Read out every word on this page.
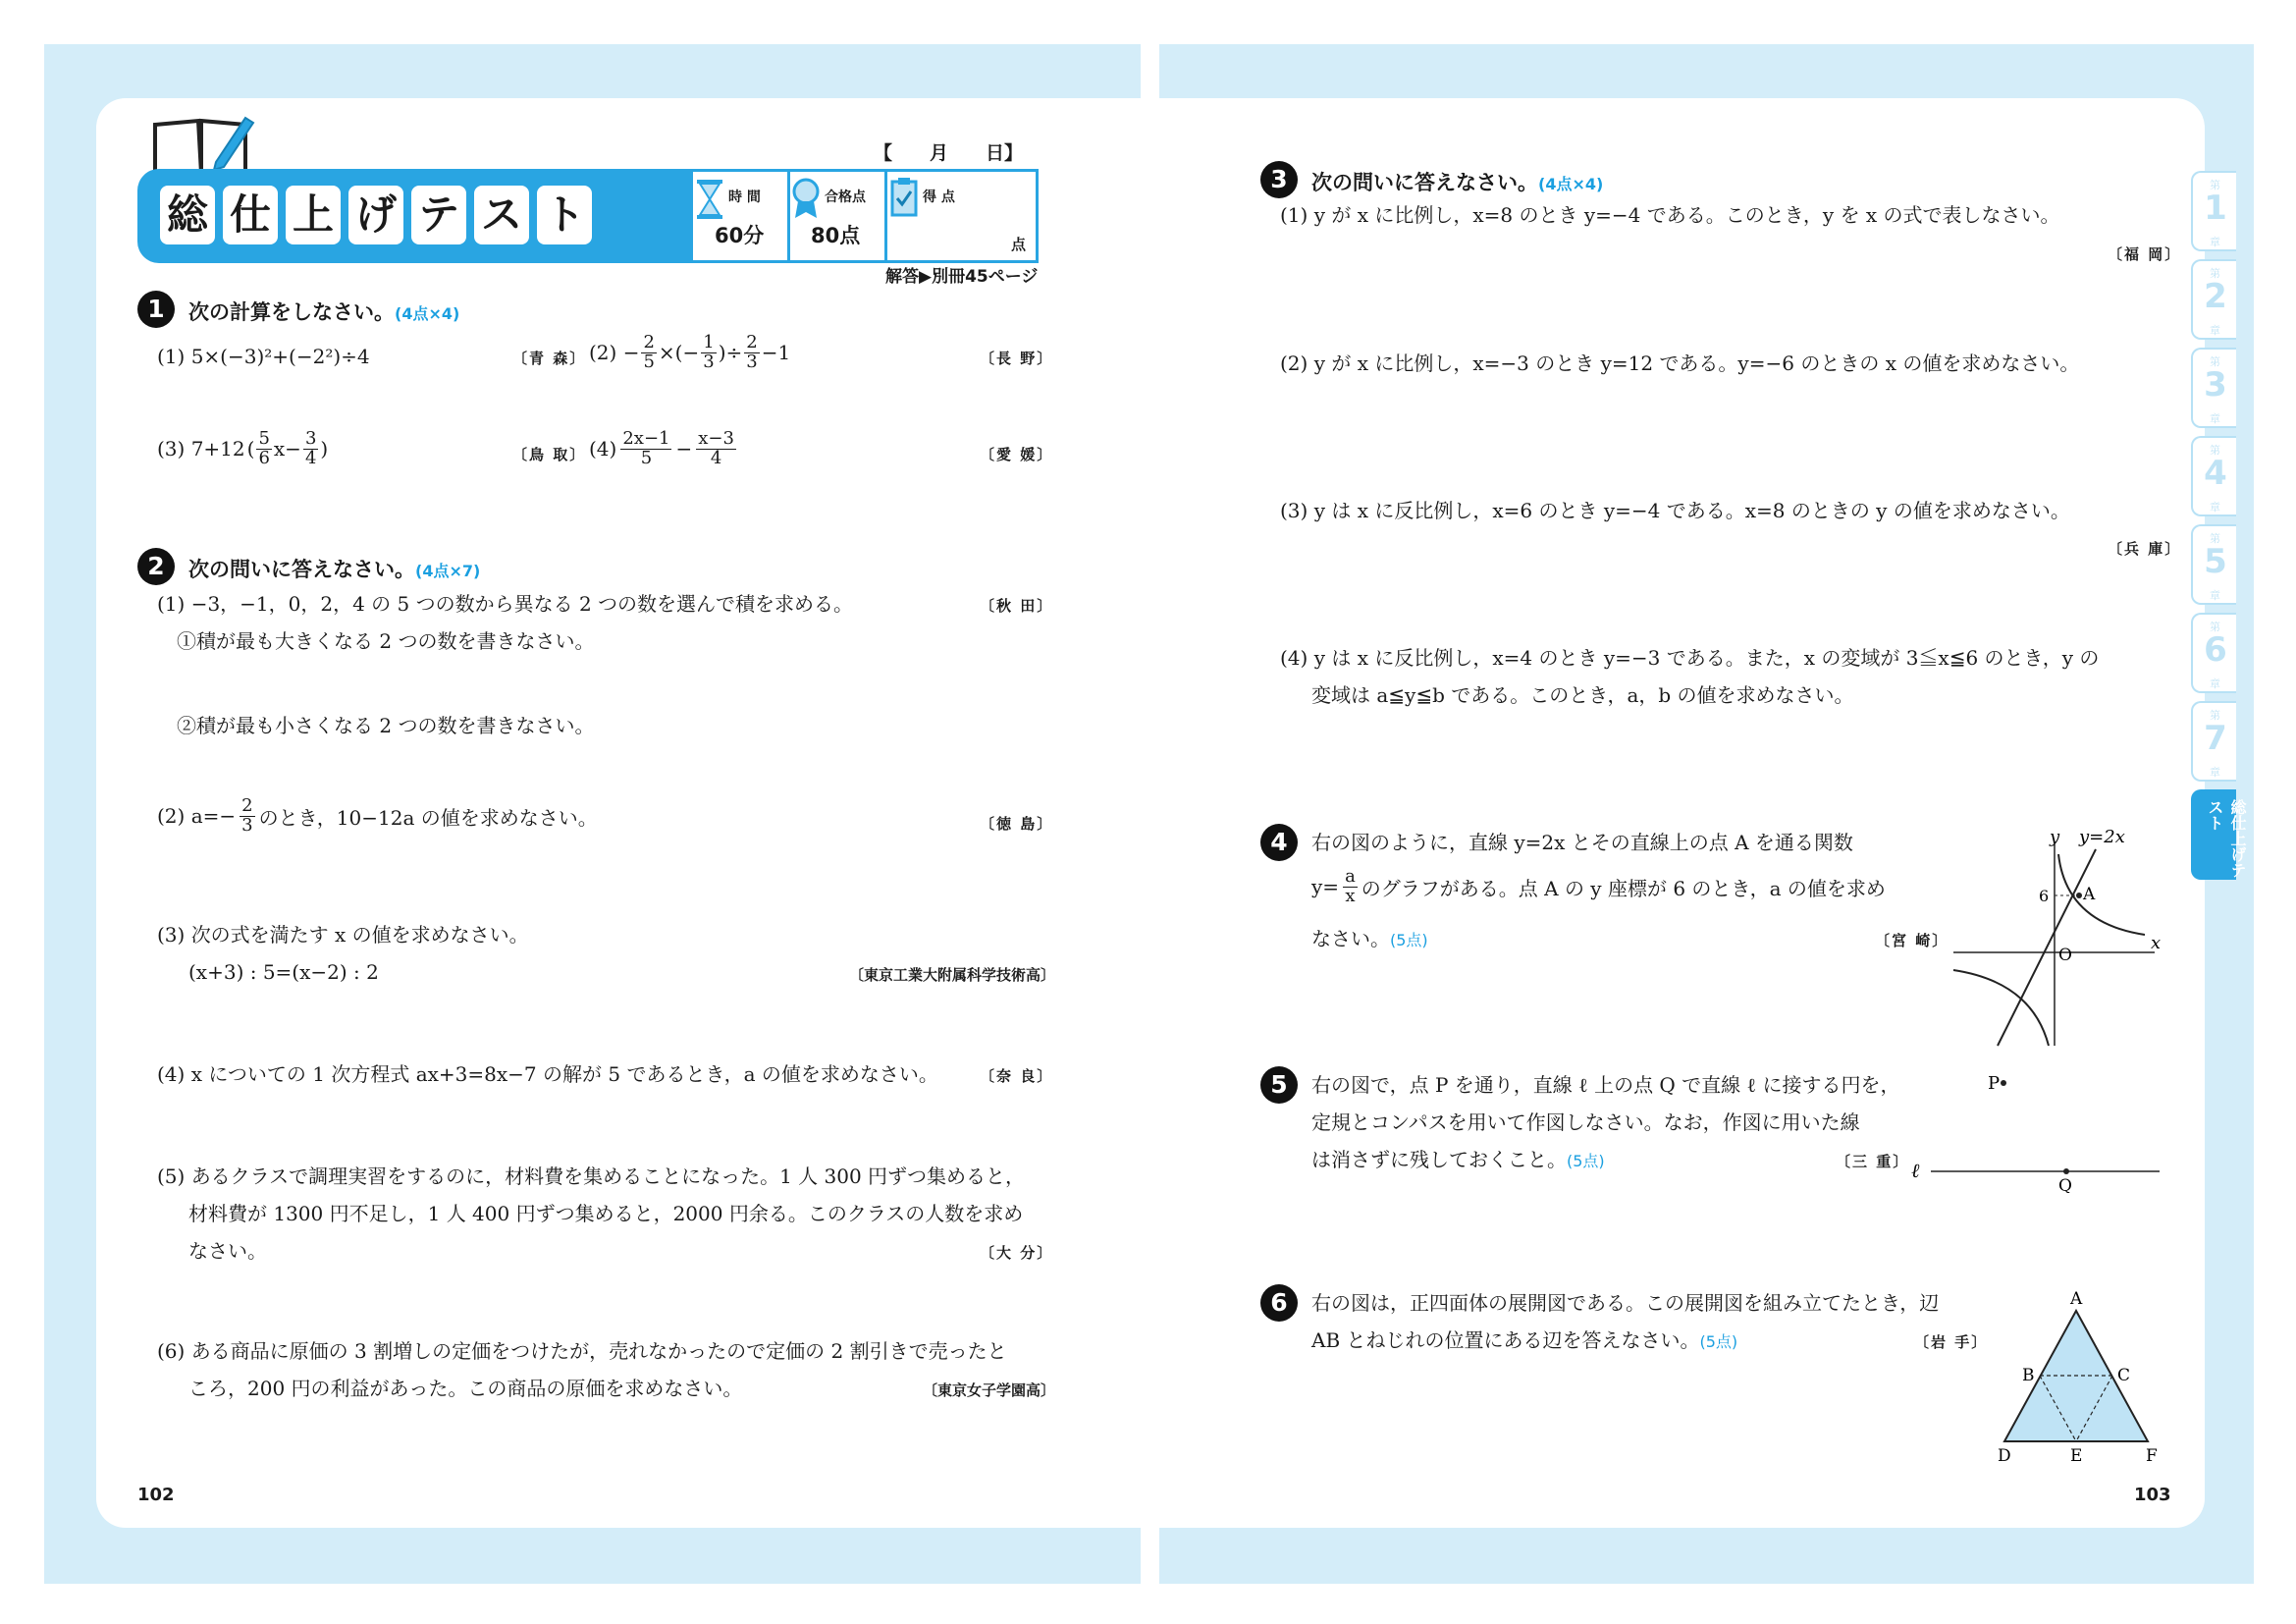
総 仕 上 げ テ ス ト
【　　月　　日】
時 間
60分
合格点
80点
得 点
点
解答▶別冊45ページ
1	次の計算をしなさい。(4点×4)
(1) 5×(−3)²+(−2²)÷4	〔青 森〕 $(2) - \frac{2}{5}$ ×(− $\frac{1}{3}$ )÷ $\frac{2}{3} -1$	〔長 野〕
(3) 7+12 ( $\frac{5}{6} x- \frac{3}{4}$ )	〔鳥 取〕 $(4) \frac{2x-1}{5} - \frac{x-3}{4}$	〔愛 媛〕
2	次の問いに答えなさい。(4点×7)
(1) −3，−1，0，2，4 の 5 つの数から異なる 2 つの数を選んで積を求める。	〔秋 田〕
①積が最も大きくなる 2 つの数を書きなさい。
②積が最も小さくなる 2 つの数を書きなさい。
(2) $a=- \frac{2}{3}$ のとき，10−12a の値を求めなさい。	〔徳 島〕
(3) 次の式を満たす x の値を求めなさい。
(x+3) : 5=(x−2) : 2	〔東京工業大附属科学技術高〕
(4) x についての 1 次方程式 ax+3=8x−7 の解が 5 であるとき，a の値を求めなさい。	〔奈 良〕
(5) あるクラスで調理実習をするのに，材料費を集めることになった。1 人 300 円ずつ集めると，
材料費が 1300 円不足し，1 人 400 円ずつ集めると，2000 円余る。このクラスの人数を求め
なさい。	〔大 分〕
(6) ある商品に原価の 3 割増しの定価をつけたが，売れなかったので定価の 2 割引きで売ったと
ころ，200 円の利益があった。この商品の原価を求めなさい。	〔東京女子学園高〕
102
3	次の問いに答えなさい。(4点×4)
(1) y が x に比例し，x=8 のとき y=−4 である。このとき，y を x の式で表しなさい。
〔福 岡〕
(2) y が x に比例し，x=−3 のとき y=12 である。y=−6 のときの x の値を求めなさい。
(3) y は x に反比例し，x=6 のとき y=−4 である。x=8 のときの y の値を求めなさい。
〔兵 庫〕
(4) y は x に反比例し，x=4 のとき y=−3 である。また，x の変域が 3≦x≦6 のとき，y の
変域は a≦y≦b である。このとき，a，b の値を求めなさい。
4	右の図のように，直線 y=2x とその直線上の点 A を通る関数
$y= \frac{a}{x}$ のグラフがある。点 A の y 座標が 6 のとき，a の値を求め
なさい。(5点)	〔宮 崎〕
y y=2x
6 A
O
x
5	右の図で，点 P を通り，直線 ℓ 上の点 Q で直線 ℓ に接する円を，
定規とコンパスを用いて作図しなさい。なお，作図に用いた線
は消さずに残しておくこと。(5点)	〔三 重〕
P
ℓ
Q
6	右の図は，正四面体の展開図である。この展開図を組み立てたとき，辺
AB とねじれの位置にある辺を答えなさい。(5点)	〔岩 手〕
A
B	C
D	E	F
103
第
1
章
第
2
章
第
3
章
第
4
章
第
5
章
第
6
章
第
7
章
総仕上げテスト
